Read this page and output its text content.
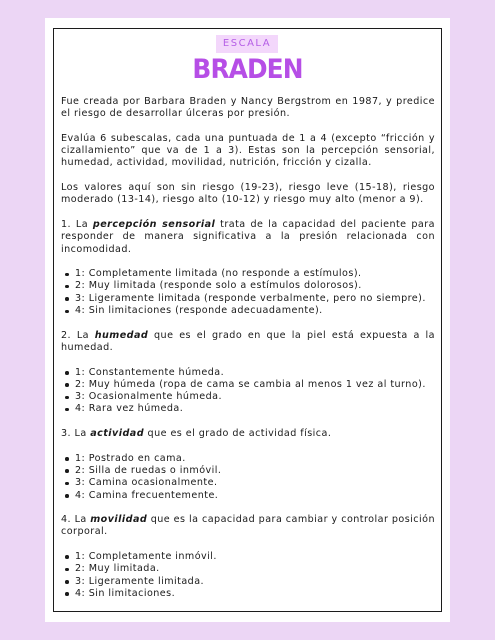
ESCALA
BRADEN

Fue creada por Barbara Braden y Nancy Bergstrom en 1987, y predice el riesgo de desarrollar úlceras por presión.

Evalúa 6 subescalas, cada una puntuada de 1 a 4 (excepto “fricción y cizallamiento” que va de 1 a 3). Estas son la percepción sensorial, humedad, actividad, movilidad, nutrición, fricción y cizalla.

Los valores aquí son sin riesgo (19-23), riesgo leve (15-18), riesgo moderado (13-14), riesgo alto (10-12) y riesgo muy alto (menor a 9).

1. La percepción sensorial trata de la capacidad del paciente para responder de manera significativa a la presión relacionada con incomodidad.

1: Completamente limitada (no responde a estímulos).
2: Muy limitada (responde solo a estímulos dolorosos).
3: Ligeramente limitada (responde verbalmente, pero no siempre).
4: Sin limitaciones (responde adecuadamente).

2. La humedad que es el grado en que la piel está expuesta a la humedad.

1: Constantemente húmeda.
2: Muy húmeda (ropa de cama se cambia al menos 1 vez al turno).
3: Ocasionalmente húmeda.
4: Rara vez húmeda.

3. La actividad que es el grado de actividad física.

1: Postrado en cama.
2: Silla de ruedas o inmóvil.
3: Camina ocasionalmente.
4: Camina frecuentemente.

4. La movilidad que es la capacidad para cambiar y controlar posición corporal.

1: Completamente inmóvil.
2: Muy limitada.
3: Ligeramente limitada.
4: Sin limitaciones.
